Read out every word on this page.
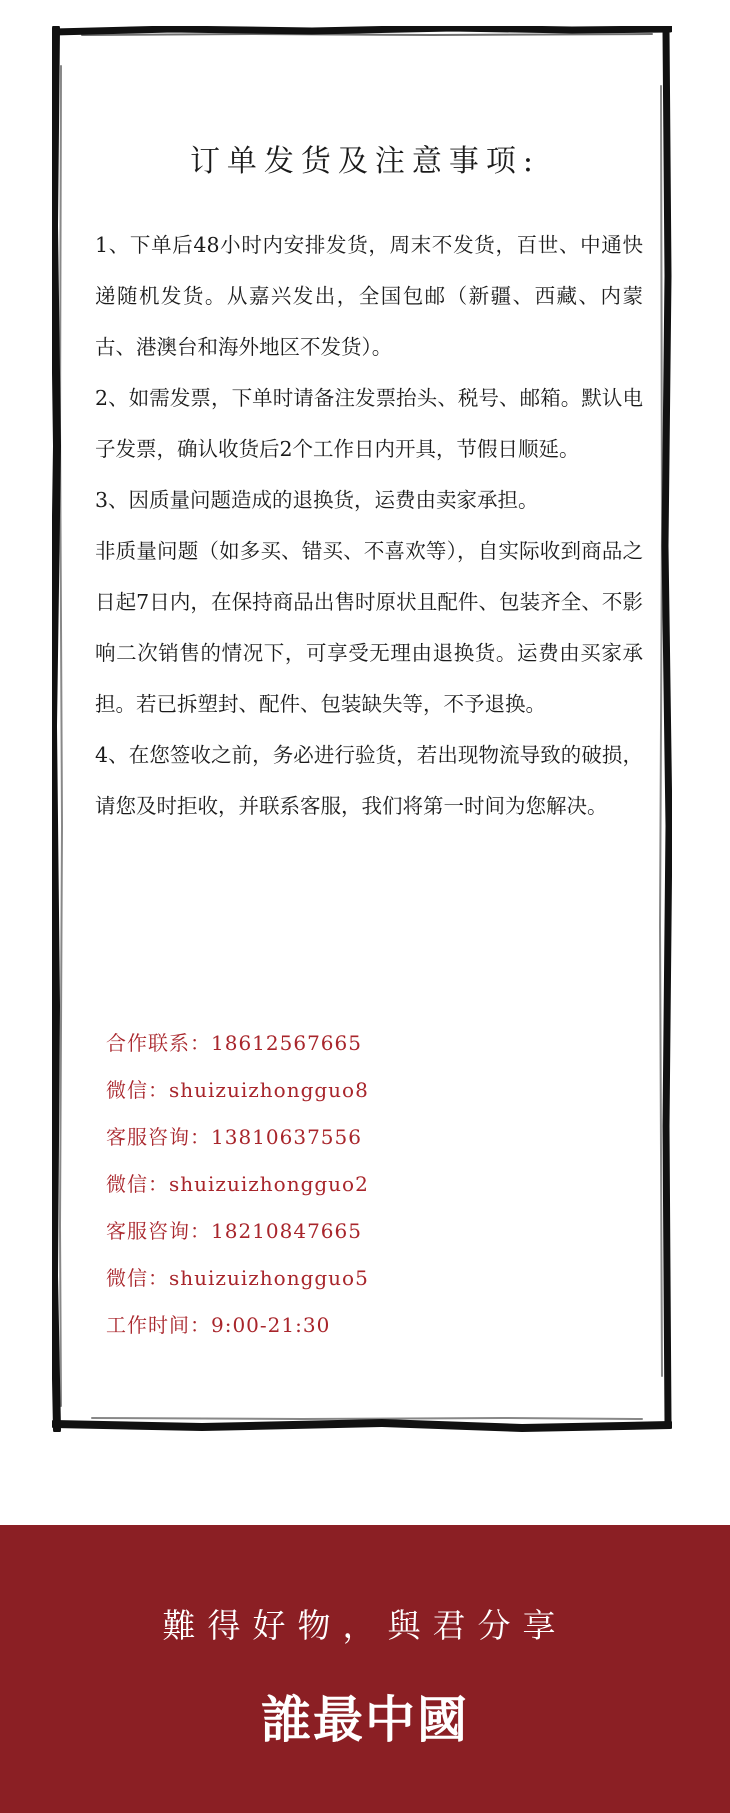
订单发货及注意事项:

1、下单后48小时内安排发货，周末不发货，百世、中通快递随机发货。从嘉兴发出，全国包邮（新疆、西藏、内蒙古、港澳台和海外地区不发货）。

2、如需发票，下单时请备注发票抬头、税号、邮箱。默认电子发票，确认收货后2个工作日内开具，节假日顺延。

3、因质量问题造成的退换货，运费由卖家承担。

非质量问题（如多买、错买、不喜欢等），自实际收到商品之日起7日内，在保持商品出售时原状且配件、包装齐全、不影响二次销售的情况下，可享受无理由退换货。运费由买家承担。若已拆塑封、配件、包装缺失等，不予退换。

4、在您签收之前，务必进行验货，若出现物流导致的破损，请您及时拒收，并联系客服，我们将第一时间为您解决。

合作联系：18612567665
微信：shuizuizhongguo8
客服咨询：13810637556
微信：shuizuizhongguo2
客服咨询：18210847665
微信：shuizuizhongguo5
工作时间：9:00-21:30
難得好物，與君分享
誰最中國
